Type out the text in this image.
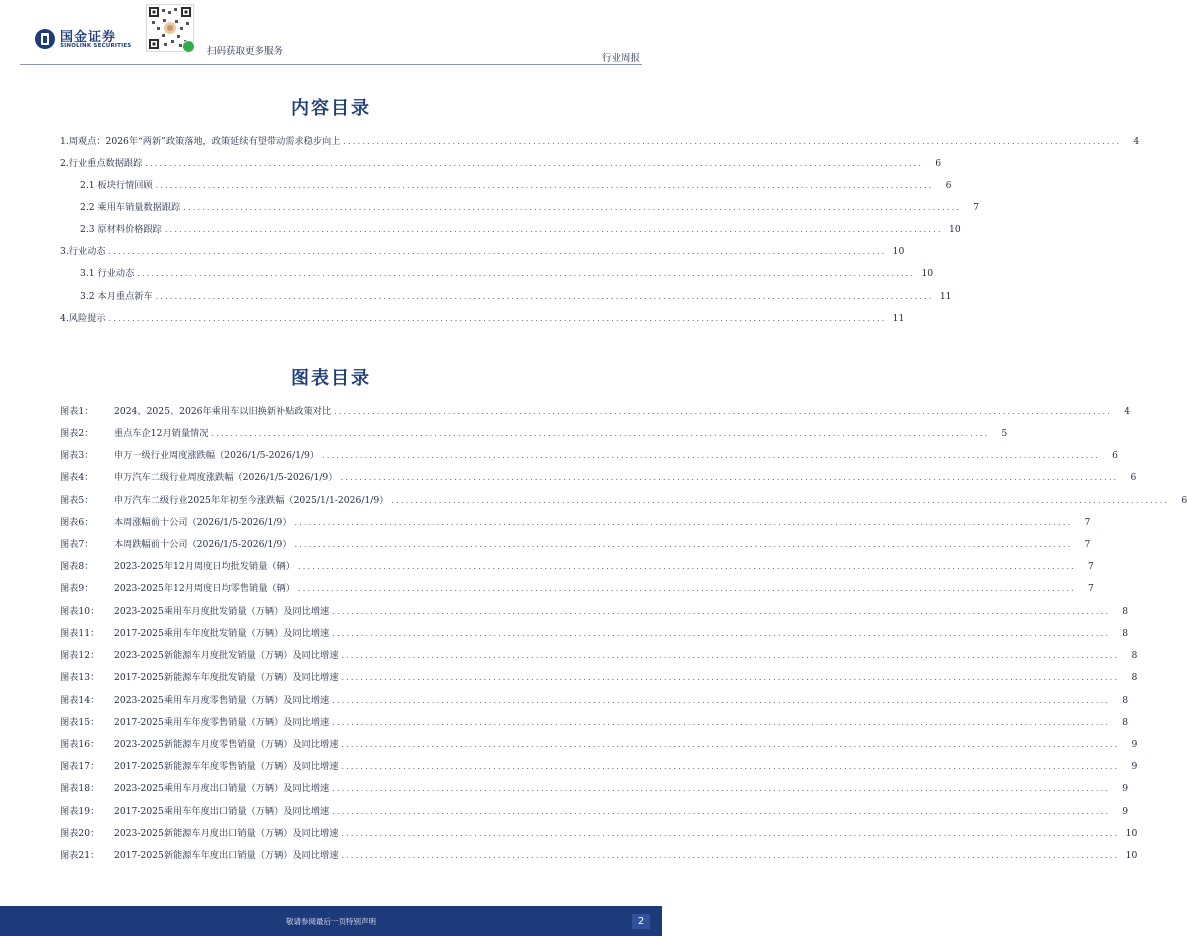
国金证券
SINOLINK SECURITIES	扫码获取更多服务
行业周报
内容目录
1.周观点：2026年“两新”政策落地，政策延续有望带动需求稳步向上 ....................................................................................................................................................................	4
2.行业重点数据跟踪 ....................................................................................................................................................................	6
2.1 板块行情回顾 ....................................................................................................................................................................	6
2.2 乘用车销量数据跟踪 ....................................................................................................................................................................	7
2.3 原材料价格跟踪 .................................................................................................................................................................... 10
3.行业动态 .................................................................................................................................................................... 10
3.1 行业动态 .................................................................................................................................................................... 10
3.2 本月重点新车 .................................................................................................................................................................... 11
4.风险提示 .................................................................................................................................................................... 11
图表目录
图表1：	2024、2025、2026年乘用车以旧换新补贴政策对比 ....................................................................................................................................................................	4
图表2：	重点车企12月销量情况 ....................................................................................................................................................................	5
图表3：	申万一级行业周度涨跌幅（2026/1/5-2026/1/9） ....................................................................................................................................................................	6
图表4：	申万汽车二级行业周度涨跌幅（2026/1/5-2026/1/9） ....................................................................................................................................................................	6
图表5：	申万汽车二级行业2025年年初至今涨跌幅（2025/1/1-2026/1/9） ....................................................................................................................................................................	6
图表6：	本周涨幅前十公司（2026/1/5-2026/1/9） ....................................................................................................................................................................	7
图表7：	本周跌幅前十公司（2026/1/5-2026/1/9） ....................................................................................................................................................................	7
图表8：	2023-2025年12月周度日均批发销量（辆） ....................................................................................................................................................................	7
图表9：	2023-2025年12月周度日均零售销量（辆） ....................................................................................................................................................................	7
图表10：	2023-2025乘用车月度批发销量（万辆）及同比增速 ....................................................................................................................................................................	8
图表11：	2017-2025乘用车年度批发销量（万辆）及同比增速 ....................................................................................................................................................................	8
图表12：	2023-2025新能源车月度批发销量（万辆）及同比增速 ....................................................................................................................................................................	8
图表13：	2017-2025新能源车年度批发销量（万辆）及同比增速 ....................................................................................................................................................................	8
图表14：	2023-2025乘用车月度零售销量（万辆）及同比增速 ....................................................................................................................................................................	8
图表15：	2017-2025乘用车年度零售销量（万辆）及同比增速 ....................................................................................................................................................................	8
图表16：	2023-2025新能源车月度零售销量（万辆）及同比增速 ....................................................................................................................................................................	9
图表17：	2017-2025新能源车年度零售销量（万辆）及同比增速 ....................................................................................................................................................................	9
图表18：	2023-2025乘用车月度出口销量（万辆）及同比增速 ....................................................................................................................................................................	9
图表19：	2017-2025乘用车年度出口销量（万辆）及同比增速 ....................................................................................................................................................................	9
图表20：	2023-2025新能源车月度出口销量（万辆）及同比增速 .................................................................................................................................................................... 10
图表21：	2017-2025新能源车年度出口销量（万辆）及同比增速 .................................................................................................................................................................... 10
敬请参阅最后一页特别声明	2
